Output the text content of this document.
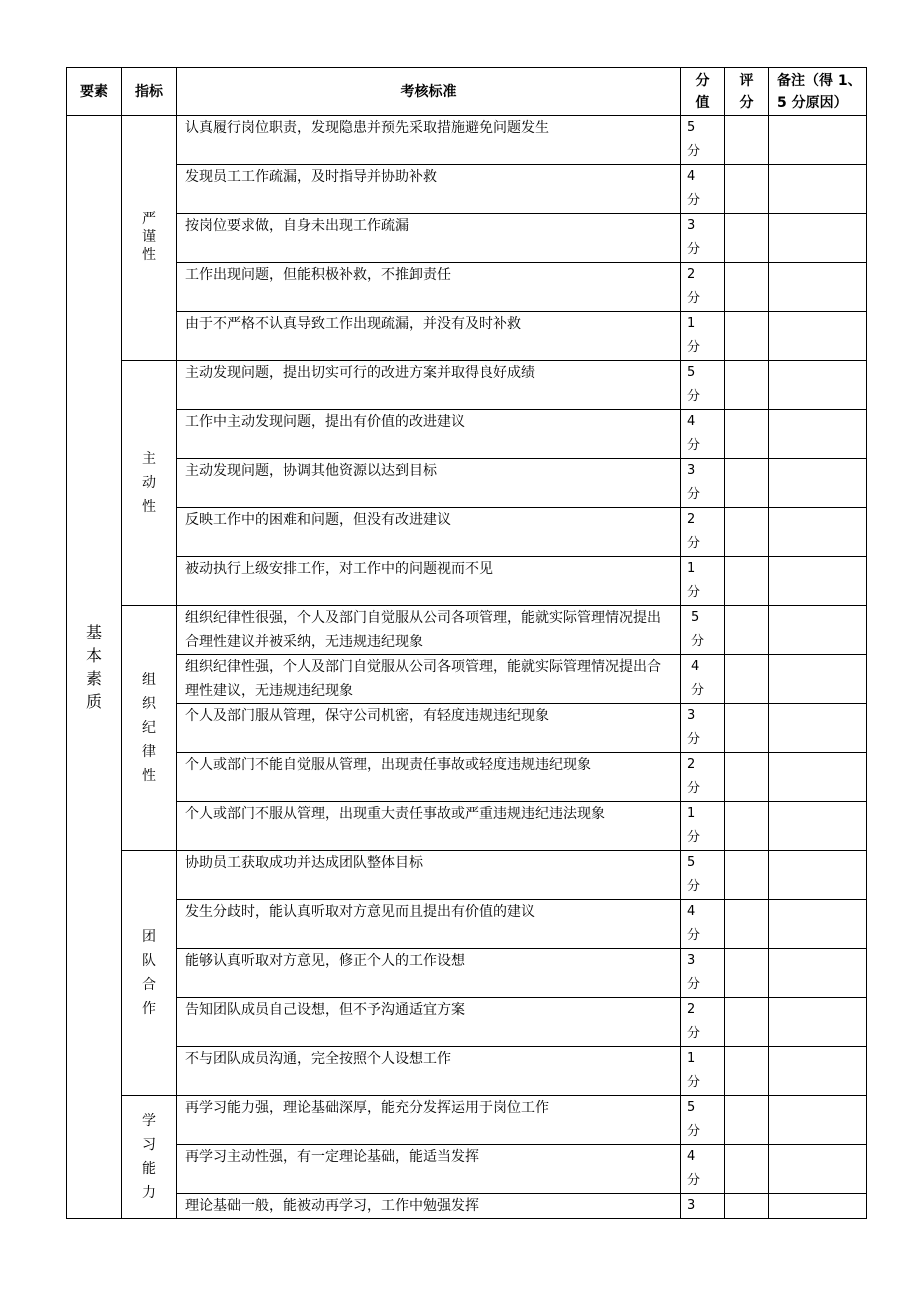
要素	指标	考核标准	分值	评分	备注（得 1、5 分原因）
基本素质	严谨性	认真履行岗位职责，发现隐患并预先采取措施避免问题发生	5
分		
		发现员工工作疏漏，及时指导并协助补救	4
分		
		按岗位要求做，自身未出现工作疏漏	3
分		
		工作出现问题，但能积极补救，不推卸责任	2
分		
		由于不严格不认真导致工作出现疏漏，并没有及时补救	1
分		
	主动性	主动发现问题，提出切实可行的改进方案并取得良好成绩	5
分		
		工作中主动发现问题，提出有价值的改进建议	4
分		
		主动发现问题，协调其他资源以达到目标	3
分		
		反映工作中的困难和问题，但没有改进建议	2
分		
		被动执行上级安排工作，对工作中的问题视而不见	1
分		
	组织纪律性	组织纪律性很强，个人及部门自觉服从公司各项管理，能就实际管理情况提出合理性建议并被采纳，无违规违纪现象	5
分		
		组织纪律性强，个人及部门自觉服从公司各项管理，能就实际管理情况提出合理性建议，无违规违纪现象	4
分		
		个人及部门服从管理，保守公司机密，有轻度违规违纪现象	3
分		
		个人或部门不能自觉服从管理，出现责任事故或轻度违规违纪现象	2
分		
		个人或部门不服从管理，出现重大责任事故或严重违规违纪违法现象	1
分		
	团队合作	协助员工获取成功并达成团队整体目标	5
分		
		发生分歧时，能认真听取对方意见而且提出有价值的建议	4
分		
		能够认真听取对方意见，修正个人的工作设想	3
分		
		告知团队成员自己设想，但不予沟通适宜方案	2
分		
		不与团队成员沟通，完全按照个人设想工作	1
分		
	学习能力	再学习能力强，理论基础深厚，能充分发挥运用于岗位工作	5
分		
		再学习主动性强，有一定理论基础，能适当发挥	4
分		
		理论基础一般，能被动再学习，工作中勉强发挥	3		
